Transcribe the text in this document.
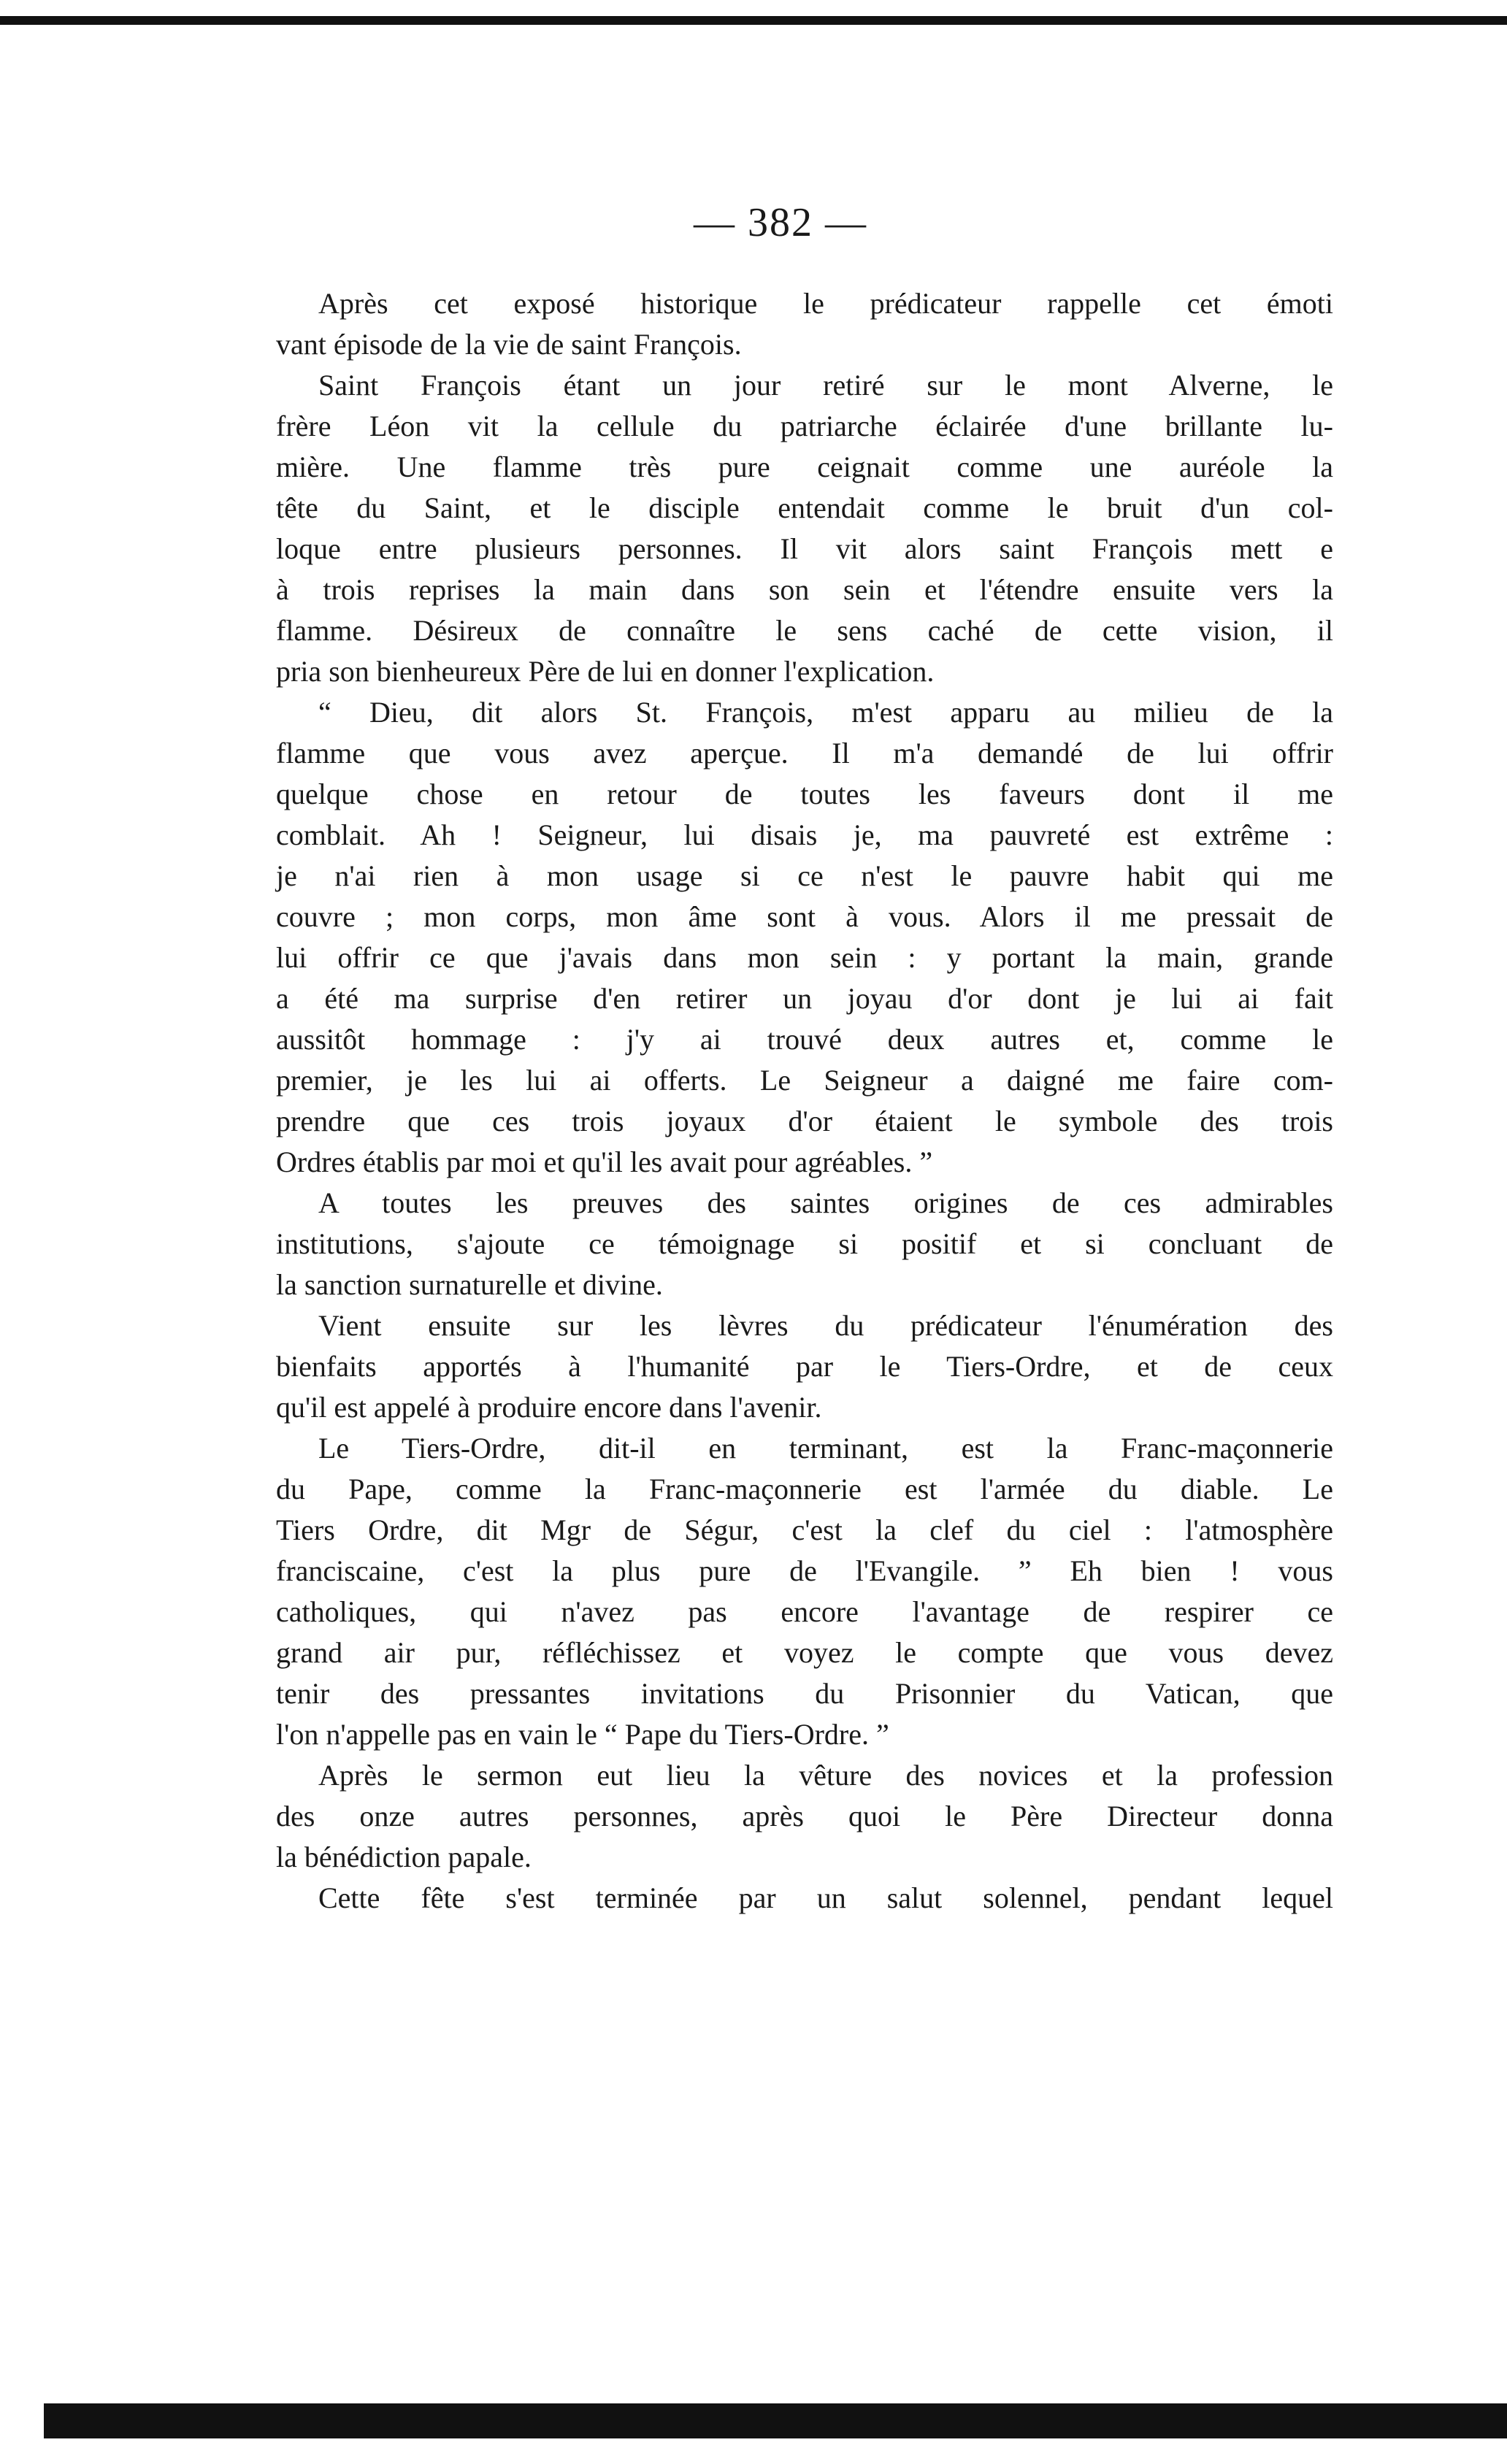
— 382 —
Après cet exposé historique le prédicateur rappelle cet émoti
vant épisode de la vie de saint François.
Saint François étant un jour retiré sur le mont Alverne, le
frère Léon vit la cellule du patriarche éclairée d'une brillante lu-
mière. Une flamme très pure ceignait comme une auréole la
tête du Saint, et le disciple entendait comme le bruit d'un col-
loque entre plusieurs personnes. Il vit alors saint François mett e
à trois reprises la main dans son sein et l'étendre ensuite vers la
flamme. Désireux de connaître le sens caché de cette vision, il
pria son bienheureux Père de lui en donner l'explication.
“ Dieu, dit alors St. François, m'est apparu au milieu de la
flamme que vous avez aperçue. Il m'a demandé de lui offrir
quelque chose en retour de toutes les faveurs dont il me
comblait. Ah ! Seigneur, lui disais je, ma pauvreté est extrême :
je n'ai rien à mon usage si ce n'est le pauvre habit qui me
couvre ; mon corps, mon âme sont à vous. Alors il me pressait de
lui offrir ce que j'avais dans mon sein : y portant la main, grande
a été ma surprise d'en retirer un joyau d'or dont je lui ai fait
aussitôt hommage : j'y ai trouvé deux autres et, comme le
premier, je les lui ai offerts. Le Seigneur a daigné me faire com-
prendre que ces trois joyaux d'or étaient le symbole des trois
Ordres établis par moi et qu'il les avait pour agréables. ”
A toutes les preuves des saintes origines de ces admirables
institutions, s'ajoute ce témoignage si positif et si concluant de
la sanction surnaturelle et divine.
Vient ensuite sur les lèvres du prédicateur l'énumération des
bienfaits apportés à l'humanité par le Tiers-Ordre, et de ceux
qu'il est appelé à produire encore dans l'avenir.
Le Tiers-Ordre, dit-il en terminant, est la Franc-maçonnerie
du Pape, comme la Franc-maçonnerie est l'armée du diable. Le
Tiers Ordre, dit Mgr de Ségur, c'est la clef du ciel : l'atmosphère
franciscaine, c'est la plus pure de l'Evangile. ” Eh bien ! vous
catholiques, qui n'avez pas encore l'avantage de respirer ce
grand air pur, réfléchissez et voyez le compte que vous devez
tenir des pressantes invitations du Prisonnier du Vatican, que
l'on n'appelle pas en vain le “ Pape du Tiers-Ordre. ”
Après le sermon eut lieu la vêture des novices et la profession
des onze autres personnes, après quoi le Père Directeur donna
la bénédiction papale.
Cette fête s'est terminée par un salut solennel, pendant lequel
